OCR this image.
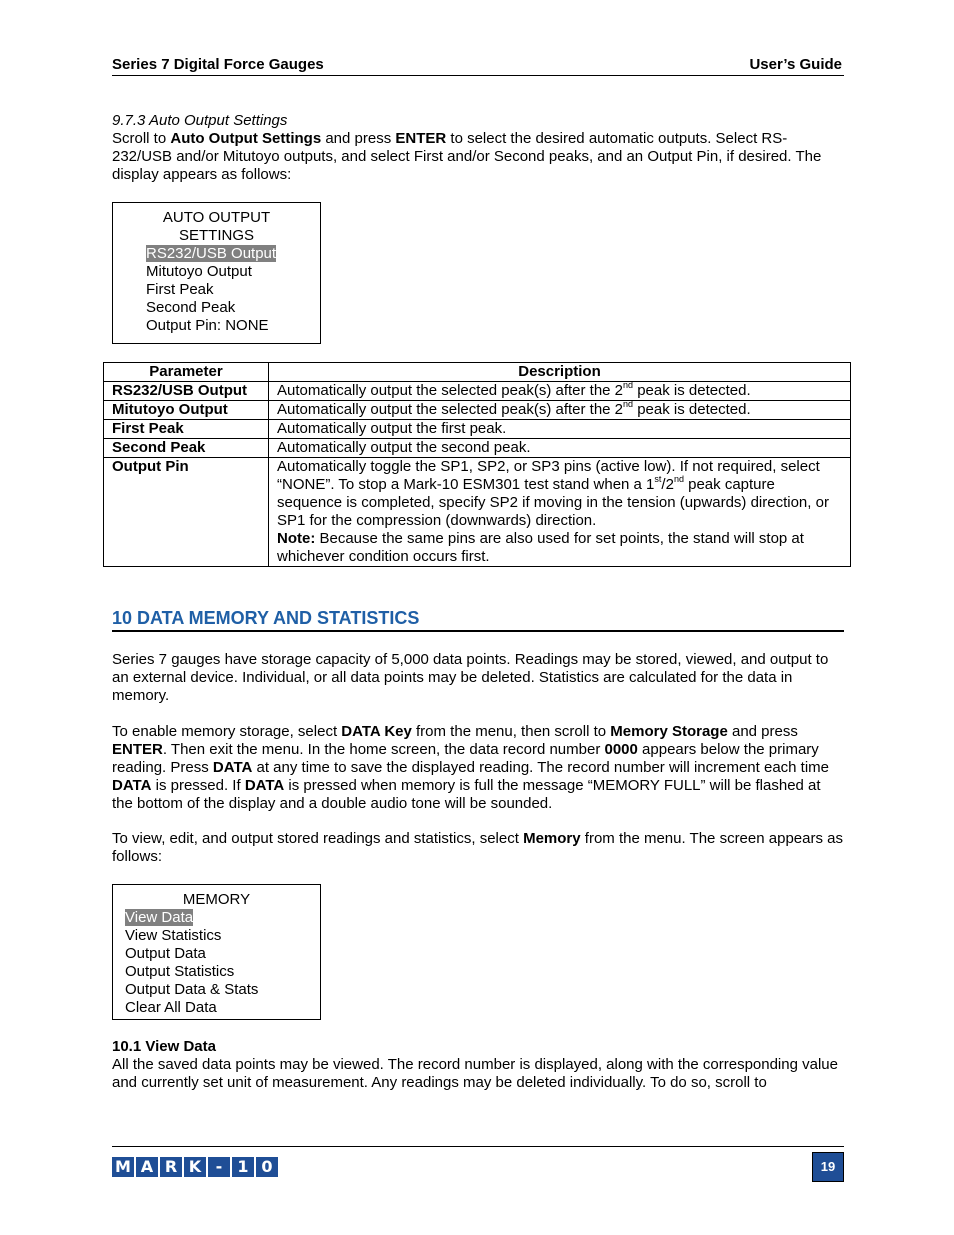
Series 7 Digital Force Gauges	User’s Guide
9.7.3 Auto Output Settings
Scroll to Auto Output Settings and press ENTER to select the desired automatic outputs. Select RS-232/USB and/or Mitutoyo outputs, and select First and/or Second peaks, and an Output Pin, if desired. The display appears as follows:
AUTO OUTPUT
SETTINGS
RS232/USB Output
Mitutoyo Output
First Peak
Second Peak
Output Pin: NONE
Parameter	Description
RS232/USB Output	Automatically output the selected peak(s) after the 2nd peak is detected.
Mitutoyo Output	Automatically output the selected peak(s) after the 2nd peak is detected.
First Peak	Automatically output the first peak.
Second Peak	Automatically output the second peak.
Output Pin	Automatically toggle the SP1, SP2, or SP3 pins (active low). If not required, select “NONE”. To stop a Mark-10 ESM301 test stand when a 1st/2nd peak capture sequence is completed, specify SP2 if moving in the tension (upwards) direction, or SP1 for the compression (downwards) direction.
Note: Because the same pins are also used for set points, the stand will stop at whichever condition occurs first.
10 DATA MEMORY AND STATISTICS
Series 7 gauges have storage capacity of 5,000 data points. Readings may be stored, viewed, and output to an external device. Individual, or all data points may be deleted. Statistics are calculated for the data in memory.
To enable memory storage, select DATA Key from the menu, then scroll to Memory Storage and press ENTER. Then exit the menu. In the home screen, the data record number 0000 appears below the primary reading. Press DATA at any time to save the displayed reading. The record number will increment each time DATA is pressed. If DATA is pressed when memory is full the message “MEMORY FULL” will be flashed at the bottom of the display and a double audio tone will be sounded.
To view, edit, and output stored readings and statistics, select Memory from the menu. The screen appears as follows:
MEMORY
View Data
View Statistics
Output Data
Output Statistics
Output Data & Stats
Clear All Data
10.1 View Data
All the saved data points may be viewed. The record number is displayed, along with the corresponding value and currently set unit of measurement. Any readings may be deleted individually. To do so, scroll to
M A R K - 1 0	19
